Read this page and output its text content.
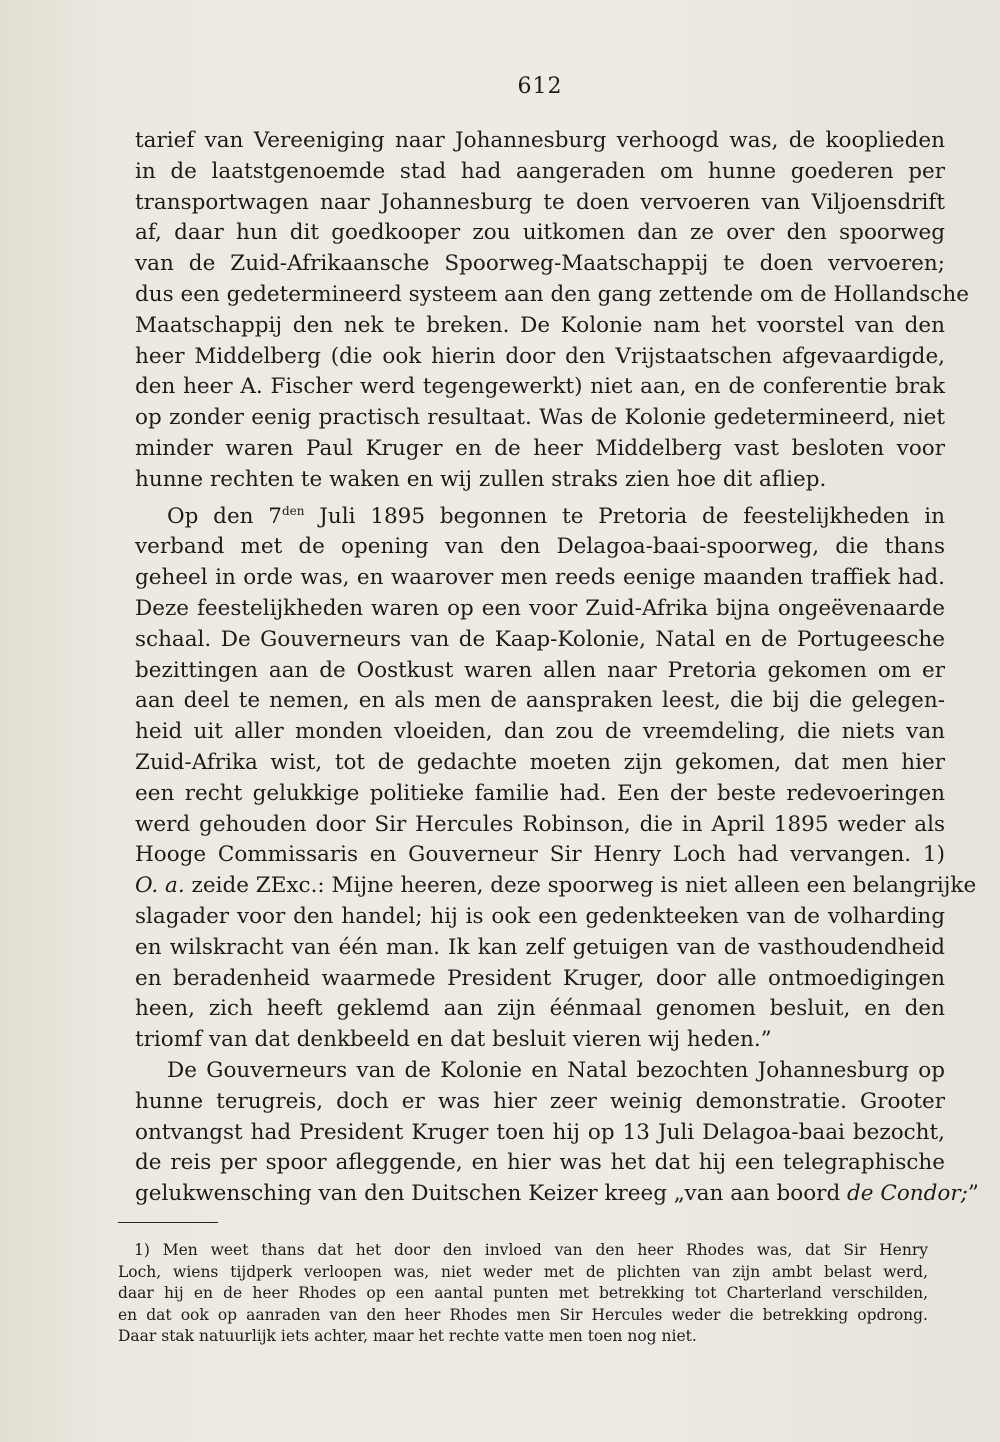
612
tarief van Vereeniging naar Johannesburg verhoogd was, de kooplieden
in de laatstgenoemde stad had aangeraden om hunne goederen per
transportwagen naar Johannesburg te doen vervoeren van Viljoensdrift
af, daar hun dit goedkooper zou uitkomen dan ze over den spoorweg
van de Zuid-Afrikaansche Spoorweg-Maatschappij te doen vervoeren;
dus een gedetermineerd systeem aan den gang zettende om de Hollandsche
Maatschappij den nek te breken. De Kolonie nam het voorstel van den
heer Middelberg (die ook hierin door den Vrijstaatschen afgevaardigde,
den heer A. Fischer werd tegengewerkt) niet aan, en de conferentie brak
op zonder eenig practisch resultaat. Was de Kolonie gedetermineerd, niet
minder waren Paul Kruger en de heer Middelberg vast besloten voor
hunne rechten te waken en wij zullen straks zien hoe dit afliep.
Op den $7^{den}$ Juli 1895 begonnen te Pretoria de feestelijkheden in
verband met de opening van den Delagoa-baai-spoorweg, die thans
geheel in orde was, en waarover men reeds eenige maanden traffiek had.
Deze feestelijkheden waren op een voor Zuid-Afrika bijna ongeëvenaarde
schaal. De Gouverneurs van de Kaap-Kolonie, Natal en de Portugeesche
bezittingen aan de Oostkust waren allen naar Pretoria gekomen om er
aan deel te nemen, en als men de aanspraken leest, die bij die gelegen-
heid uit aller monden vloeiden, dan zou de vreemdeling, die niets van
Zuid-Afrika wist, tot de gedachte moeten zijn gekomen, dat men hier
een recht gelukkige politieke familie had. Een der beste redevoeringen
werd gehouden door Sir Hercules Robinson, die in April 1895 weder als
Hooge Commissaris en Gouverneur Sir Henry Loch had vervangen. 1)
O. a. zeide ZExc.: Mijne heeren, deze spoorweg is niet alleen een belangrijke
slagader voor den handel; hij is ook een gedenkteeken van de volharding
en wilskracht van één man. Ik kan zelf getuigen van de vasthoudendheid
en beradenheid waarmede President Kruger, door alle ontmoedigingen
heen, zich heeft geklemd aan zijn éénmaal genomen besluit, en den
triomf van dat denkbeeld en dat besluit vieren wij heden.”
De Gouverneurs van de Kolonie en Natal bezochten Johannesburg op
hunne terugreis, doch er was hier zeer weinig demonstratie. Grooter
ontvangst had President Kruger toen hij op 13 Juli Delagoa-baai bezocht,
de reis per spoor afleggende, en hier was het dat hij een telegraphische
gelukwensching van den Duitschen Keizer kreeg „van aan boord de Condor;”
1) Men weet thans dat het door den invloed van den heer Rhodes was, dat Sir Henry
Loch, wiens tijdperk verloopen was, niet weder met de plichten van zijn ambt belast werd,
daar hij en de heer Rhodes op een aantal punten met betrekking tot Charterland verschilden,
en dat ook op aanraden van den heer Rhodes men Sir Hercules weder die betrekking opdrong.
Daar stak natuurlijk iets achter, maar het rechte vatte men toen nog niet.
